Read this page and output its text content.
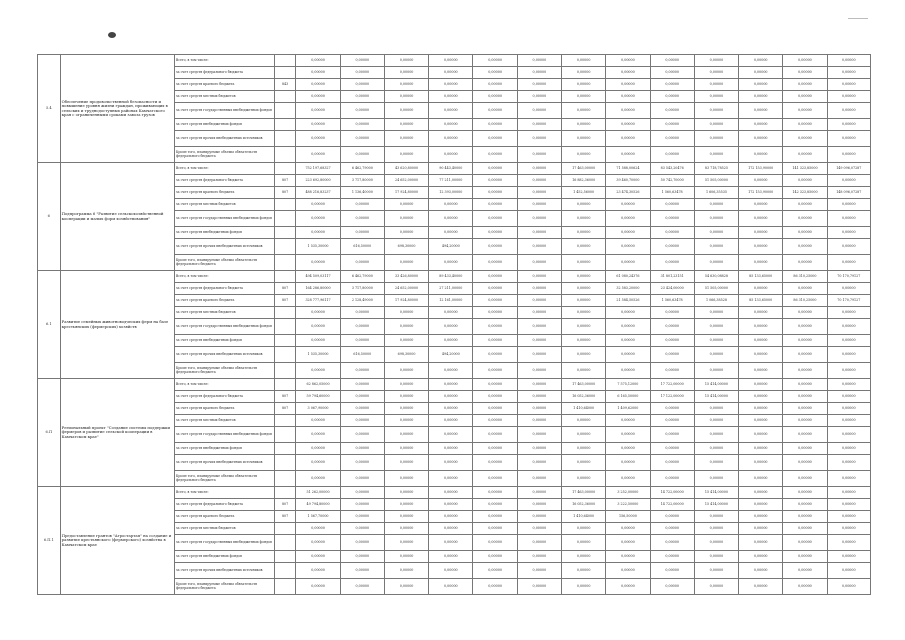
5.4	Обеспечение продовольственной безопасности и повышение уровня жизни граждан, проживающих в сельских и труднодоступных районах Камчатского края с ограниченными сроками завоза грузов	Всего, в том числе:		0,00000	0,00000	0,00000	0,00000	0,00000	0,00000	0,00000	0,00000	0,00000	0,00000	0,00000	0,00000	0,00000
		за счет средств федерального бюджета		0,00000	0,00000	0,00000	0,00000	0,00000	0,00000	0,00000	0,00000	0,00000	0,00000	0,00000	0,00000	0,00000
		за счет средств краевого бюджета	843	0,00000	0,00000	0,00000	0,00000	0,00000	0,00000	0,00000	0,00000	0,00000	0,00000	0,00000	0,00000	0,00000
		за счет средств местных бюджетов		0,00000	0,00000	0,00000	0,00000	0,00000	0,00000	0,00000	0,00000	0,00000	0,00000	0,00000	0,00000	0,00000
		за счет средств государственных внебюджетных фондов		0,00000	0,00000	0,00000	0,00000	0,00000	0,00000	0,00000	0,00000	0,00000	0,00000	0,00000	0,00000	0,00000
		за счет средств внебюджетных фондов		0,00000	0,00000	0,00000	0,00000	0,00000	0,00000	0,00000	0,00000	0,00000	0,00000	0,00000	0,00000	0,00000
		за счет средств прочих внебюджетных источников		0,00000	0,00000	0,00000	0,00000	0,00000	0,00000	0,00000	0,00000	0,00000	0,00000	0,00000	0,00000	0,00000
		Кроме того, планируемые объемы обязательств федерального бюджета		0,00000	0,00000	0,00000	0,00000	0,00000	0,00000	0,00000	0,00000	0,00000	0,00000	0,00000	0,00000	0,00000
6	Подпрограмма 6 "Развитие сельскохозяйственной кооперации и малых форм хозяйствования"	Всего, в том числе:		752 197,68327	6 462,79000	43 620,80000	90 443,40000	0,00000	0,00000	17 463,00000	71 588,00624	83 543,20476	83 718,78525	172 153,90000	141 323,85000	149 096,07287
		за счет средств федерального бюджета	807	223 692,80000	3 717,80000	24 652,00000	77 211,00000	0,00000	0,00000	16 882,36000	39 460,70000	50 742,70000	51 505,00000	0,00000	0,00000	0,00000
		за счет средств краевого бюджета	807	488 216,83237	1 136,40000	17 924,80000	12 393,00000	0,00000	0,00000	1 452,56000	23 474,30526	1 560,63478	1 606,35535	172 153,90000	142 323,85000	148 096,07287
		за счет средств местных бюджетов		0,00000	0,00000	0,00000	0,00000	0,00000	0,00000	0,00000	0,00000	0,00000	0,00000	0,00000	0,00000	0,00000
		за счет средств государственных внебюджетных фондов		0,00000	0,00000	0,00000	0,00000	0,00000	0,00000	0,00000	0,00000	0,00000	0,00000	0,00000	0,00000	0,00000
		за счет средств внебюджетных фондов		0,00000	0,00000	0,00000	0,00000	0,00000	0,00000	0,00000	0,00000	0,00000	0,00000	0,00000	0,00000	0,00000
		за счет средств прочих внебюджетных источников		1 535,30000	616,50000	698,30000	494,20000	0,00000	0,00000	0,00000	0,00000	0,00000	0,00000	0,00000	0,00000	0,00000
		Кроме того, планируемые объемы обязательств федерального бюджета		0,00000	0,00000	0,00000	0,00000	0,00000	0,00000	0,00000	0,00000	0,00000	0,00000	0,00000	0,00000	0,00000
6.1	Развитие семейных животноводческих ферм на базе крестьянских (фермерских) хозяйств	Всего, в том числе:		494 509,03117	6 462,79000	33 426,80000	89 433,40000	0,00000	0,00000	0,00000	61 080,24376	31 801,23151	54 630,08828	85 133,65000	86 310,25000	70 170,79127
		за счет средств федерального бюджета	807	164 286,80000	3 717,80000	24 652,00000	27 211,00000	0,00000	0,00000	0,00000	32 583,20000	23 424,00000	51 505,00000	0,00000	0,00000	0,00000
		за счет средств краевого бюджета	807	328 777,96117	2 128,49000	17 924,80000	12 161,00000	0,00000	0,00000	0,00000	21 584,50526	1 560,63478	1 066,38528	85 133,65000	86 310,25000	70 170,79127
		за счет средств местных бюджетов		0,00000	0,00000	0,00000	0,00000	0,00000	0,00000	0,00000	0,00000	0,00000	0,00000	0,00000	0,00000	0,00000
		за счет средств государственных внебюджетных фондов		0,00000	0,00000	0,00000	0,00000	0,00000	0,00000	0,00000	0,00000	0,00000	0,00000	0,00000	0,00000	0,00000
		за счет средств внебюджетных фондов		0,00000	0,00000	0,00000	0,00000	0,00000	0,00000	0,00000	0,00000	0,00000	0,00000	0,00000	0,00000	0,00000
		за счет средств прочих внебюджетных источников		1 535,30000	616,50000	698,30000	494,20000	0,00000	0,00000	0,00000	0,00000	0,00000	0,00000	0,00000	0,00000	0,00000
		Кроме того, планируемые объемы обязательств федерального бюджета		0,00000	0,00000	0,00000	0,00000	0,00000	0,00000	0,00000	0,00000	0,00000	0,00000	0,00000	0,00000	0,00000
6.П	Региональный проект "Создание системы поддержки фермеров и развитие сельской кооперации в Камчатском крае"	Всего, в том числе:		62 862,05000	0,00000	0,00000	0,00000	0,00000	0,00000	17 463,00000	7 575,12000	17 722,00000	15 414,00000	0,00000	0,00000	0,00000
		за счет средств федерального бюджета	807	59 794,60000	0,00000	0,00000	0,00000	0,00000	0,00000	16 052,36000	6 165,50000	17 122,00000	15 414,00000	0,00000	0,00000	0,00000
		за счет средств краевого бюджета	807	3 067,90000	0,00000	0,00000	0,00000	0,00000	0,00000	1 410,64000	1 409,62000	0,00000	0,00000	0,00000	0,00000	0,00000
		за счет средств местных бюджетов		0,00000	0,00000	0,00000	0,00000	0,00000	0,00000	0,00000	0,00000	0,00000	0,00000	0,00000	0,00000	0,00000
		за счет средств государственных внебюджетных фондов		0,00000	0,00000	0,00000	0,00000	0,00000	0,00000	0,00000	0,00000	0,00000	0,00000	0,00000	0,00000	0,00000
		за счет средств внебюджетных фондов		0,00000	0,00000	0,00000	0,00000	0,00000	0,00000	0,00000	0,00000	0,00000	0,00000	0,00000	0,00000	0,00000
		за счет средств прочих внебюджетных источников		0,00000	0,00000	0,00000	0,00000	0,00000	0,00000	0,00000	0,00000	0,00000	0,00000	0,00000	0,00000	0,00000
		Кроме того, планируемые объемы обязательств федерального бюджета		0,00000	0,00000	0,00000	0,00000	0,00000	0,00000	0,00000	0,00000	0,00000	0,00000	0,00000	0,00000	0,00000
6.П.1	Предоставление грантов "Агростартап" на создание и развитие крестьянского (фермерского) хозяйства в Камчатском крае	Всего, в том числе:		51 262,00000	0,00000	0,00000	0,00000	0,00000	0,00000	17 463,00000	3 252,00000	14 722,00000	15 414,00000	0,00000	0,00000	0,00000
		за счет средств федерального бюджета	807	49 794,80000	0,00000	0,00000	0,00000	0,00000	0,00000	16 052,36000	3 222,50000	14 722,00000	15 414,00000	0,00000	0,00000	0,00000
		за счет средств краевого бюджета	807	1 567,70000	0,00000	0,00000	0,00000	0,00000	0,00000	1 410,64000	156,50000	0,00000	0,00000	0,00000	0,00000	0,00000
		за счет средств местных бюджетов		0,00000	0,00000	0,00000	0,00000	0,00000	0,00000	0,00000	0,00000	0,00000	0,00000	0,00000	0,00000	0,00000
		за счет средств государственных внебюджетных фондов		0,00000	0,00000	0,00000	0,00000	0,00000	0,00000	0,00000	0,00000	0,00000	0,00000	0,00000	0,00000	0,00000
		за счет средств внебюджетных фондов		0,00000	0,00000	0,00000	0,00000	0,00000	0,00000	0,00000	0,00000	0,00000	0,00000	0,00000	0,00000	0,00000
		за счет средств прочих внебюджетных источников		0,00000	0,00000	0,00000	0,00000	0,00000	0,00000	0,00000	0,00000	0,00000	0,00000	0,00000	0,00000	0,00000
		Кроме того, планируемые объемы обязательств федерального бюджета		0,00000	0,00000	0,00000	0,00000	0,00000	0,00000	0,00000	0,00000	0,00000	0,00000	0,00000	0,00000	0,00000
